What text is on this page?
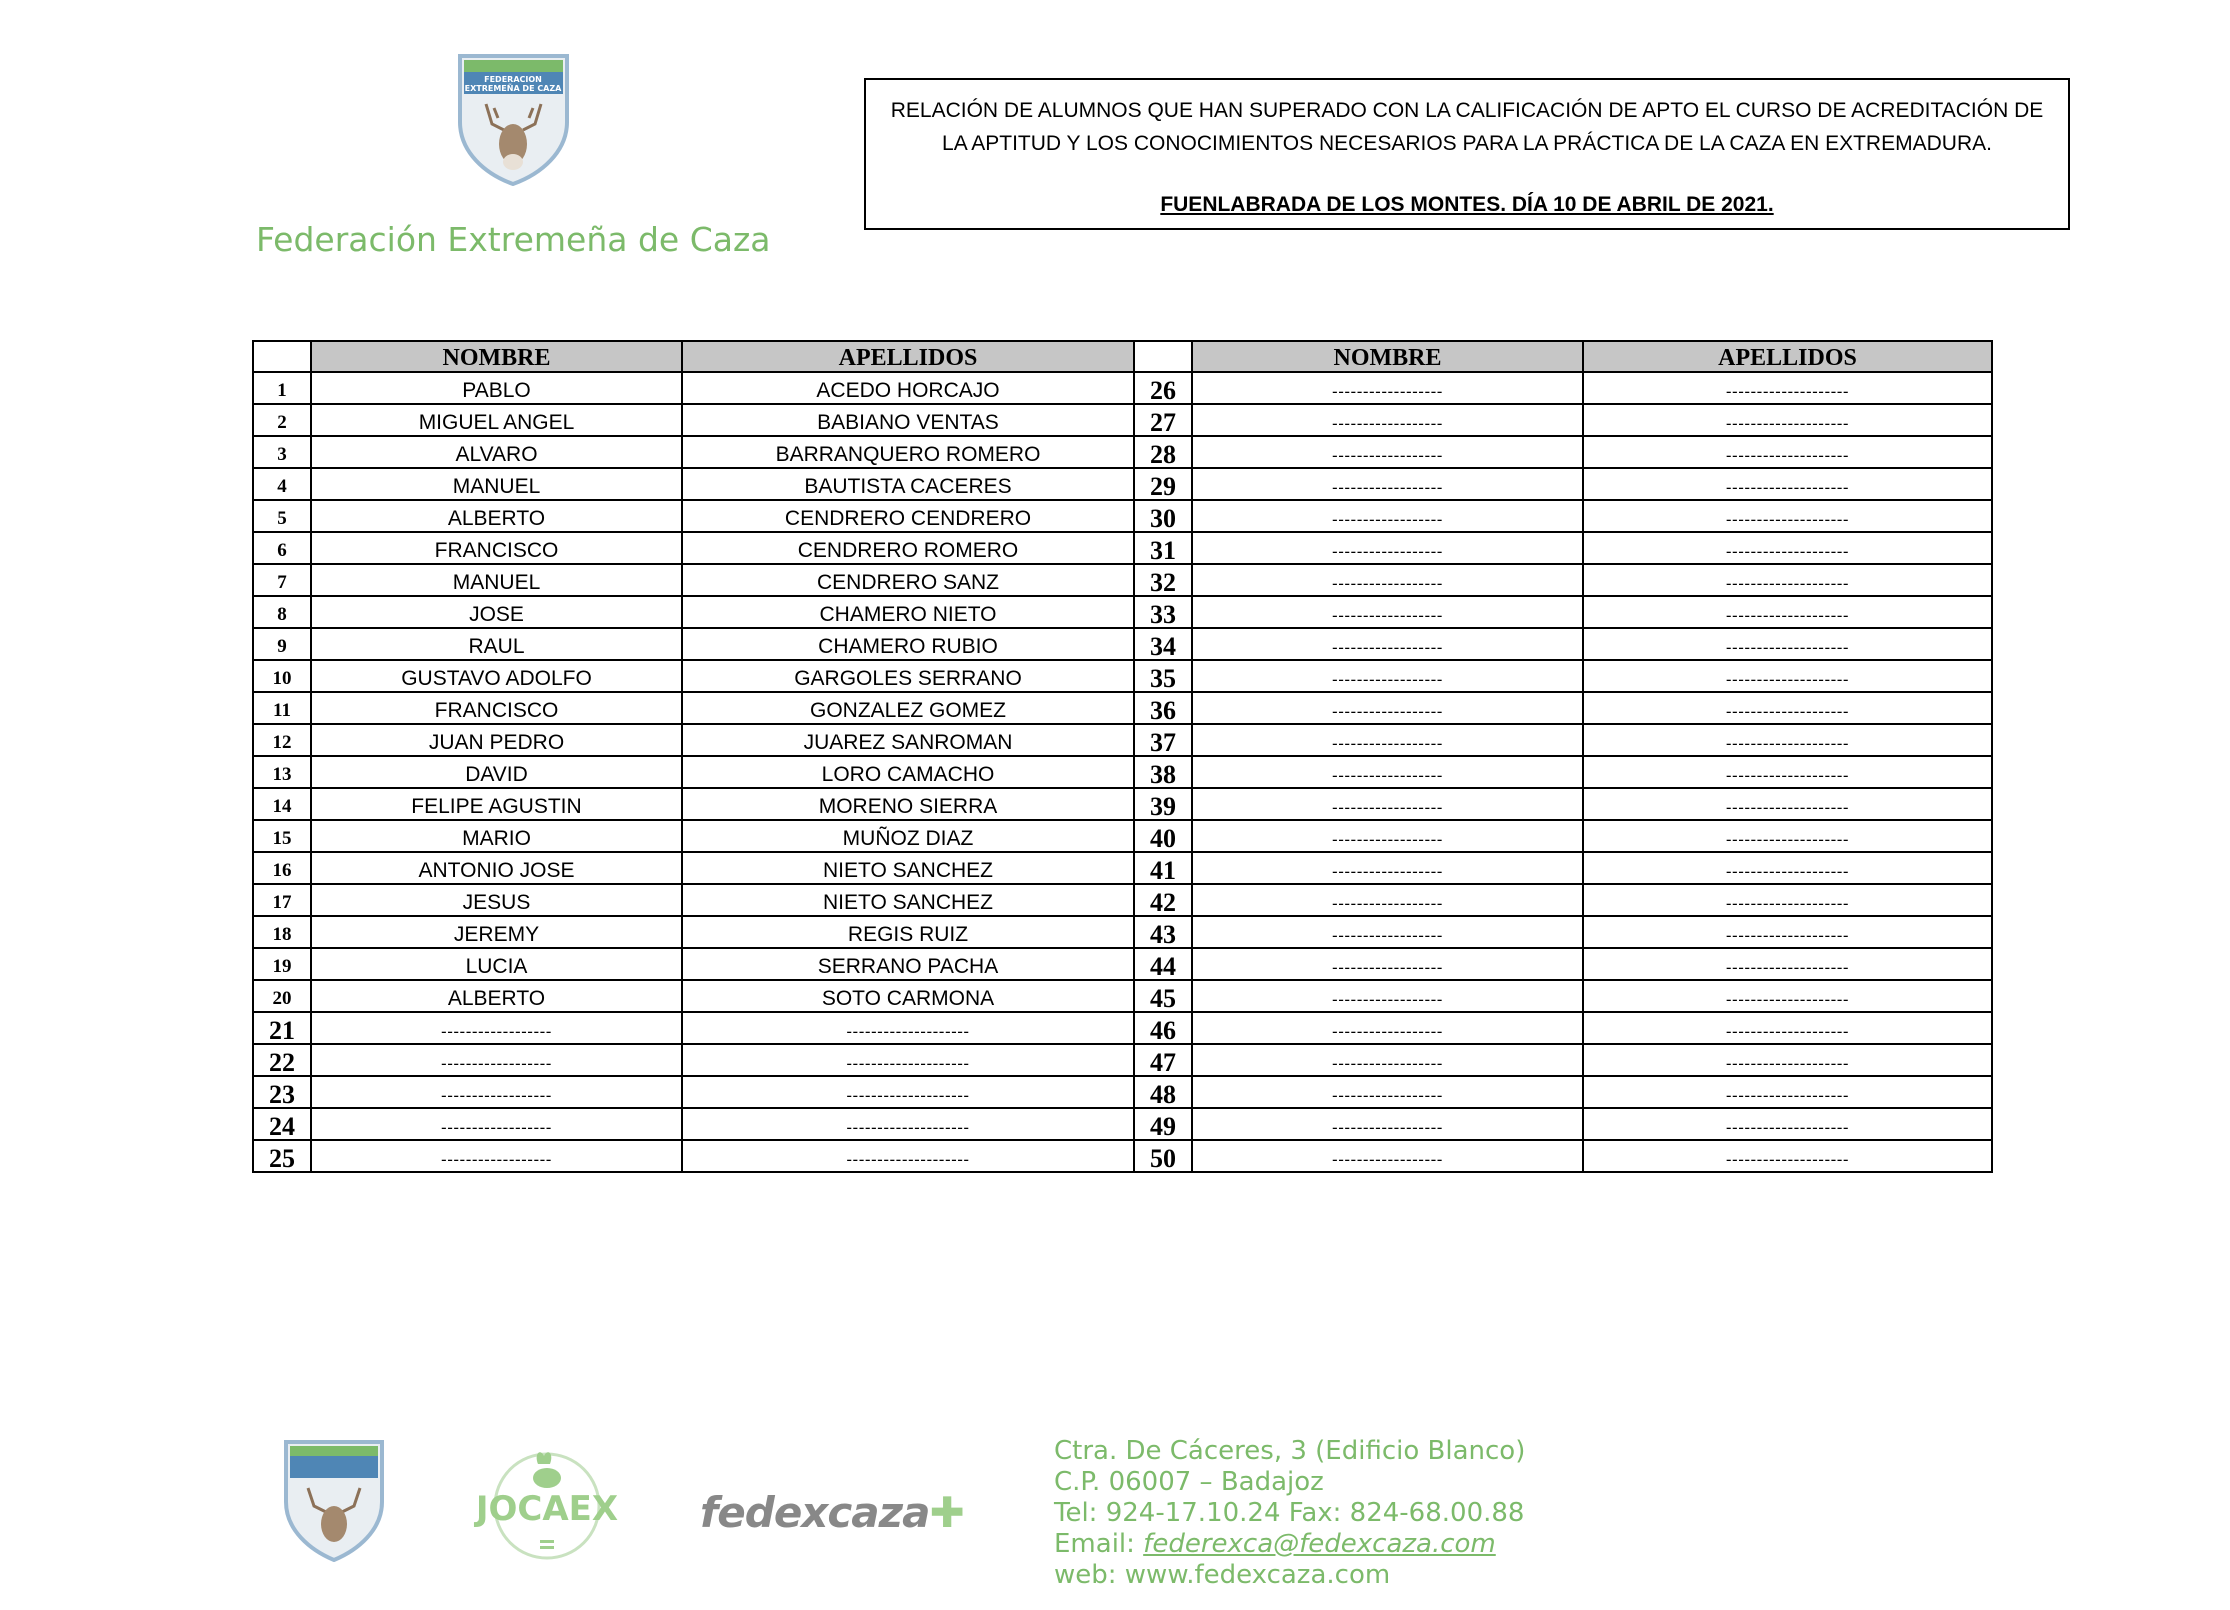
FEDERACION
EXTREMEÑA DE CAZA
Federación Extremeña de Caza
RELACIÓN DE ALUMNOS QUE HAN SUPERADO CON LA CALIFICACIÓN DE APTO EL CURSO DE ACREDITACIÓN DE
LA APTITUD Y LOS CONOCIMIENTOS NECESARIOS PARA LA PRÁCTICA DE LA CAZA EN EXTREMADURA.
FUENLABRADA DE LOS MONTES. DÍA 10 DE ABRIL DE 2021.
	NOMBRE	APELLIDOS		NOMBRE	APELLIDOS
1	PABLO	ACEDO HORCAJO	26	------------------	--------------------
2	MIGUEL ANGEL	BABIANO VENTAS	27	------------------	--------------------
3	ALVARO	BARRANQUERO ROMERO	28	------------------	--------------------
4	MANUEL	BAUTISTA CACERES	29	------------------	--------------------
5	ALBERTO	CENDRERO CENDRERO	30	------------------	--------------------
6	FRANCISCO	CENDRERO ROMERO	31	------------------	--------------------
7	MANUEL	CENDRERO SANZ	32	------------------	--------------------
8	JOSE	CHAMERO NIETO	33	------------------	--------------------
9	RAUL	CHAMERO RUBIO	34	------------------	--------------------
10	GUSTAVO ADOLFO	GARGOLES SERRANO	35	------------------	--------------------
11	FRANCISCO	GONZALEZ GOMEZ	36	------------------	--------------------
12	JUAN PEDRO	JUAREZ SANROMAN	37	------------------	--------------------
13	DAVID	LORO CAMACHO	38	------------------	--------------------
14	FELIPE AGUSTIN	MORENO SIERRA	39	------------------	--------------------
15	MARIO	MUÑOZ DIAZ	40	------------------	--------------------
16	ANTONIO JOSE	NIETO SANCHEZ	41	------------------	--------------------
17	JESUS	NIETO SANCHEZ	42	------------------	--------------------
18	JEREMY	REGIS RUIZ	43	------------------	--------------------
19	LUCIA	SERRANO PACHA	44	------------------	--------------------
20	ALBERTO	SOTO CARMONA	45	------------------	--------------------
21	------------------	--------------------	46	------------------	--------------------
22	------------------	--------------------	47	------------------	--------------------
23	------------------	--------------------	48	------------------	--------------------
24	------------------	--------------------	49	------------------	--------------------
25	------------------	--------------------	50	------------------	--------------------
JOCAEX fedexcaza✚
Ctra. De Cáceres, 3 (Edificio Blanco)
C.P. 06007 – Badajoz
Tel: 924-17.10.24 Fax: 824-68.00.88
Email: federexca@fedexcaza.com
web: www.fedexcaza.com
